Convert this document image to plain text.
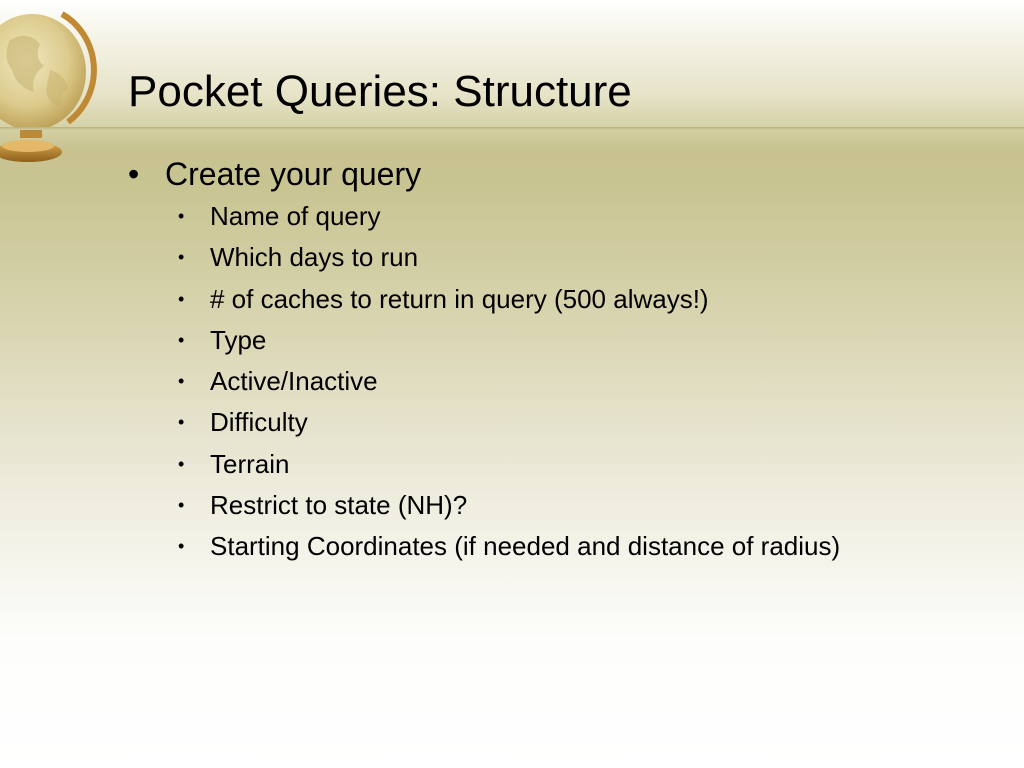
Pocket Queries: Structure
• Create your query
• Name of query
• Which days to run
• # of caches to return in query (500 always!)
• Type
• Active/Inactive
• Difficulty
• Terrain
• Restrict to state (NH)?
• Starting Coordinates (if needed and distance of radius)
